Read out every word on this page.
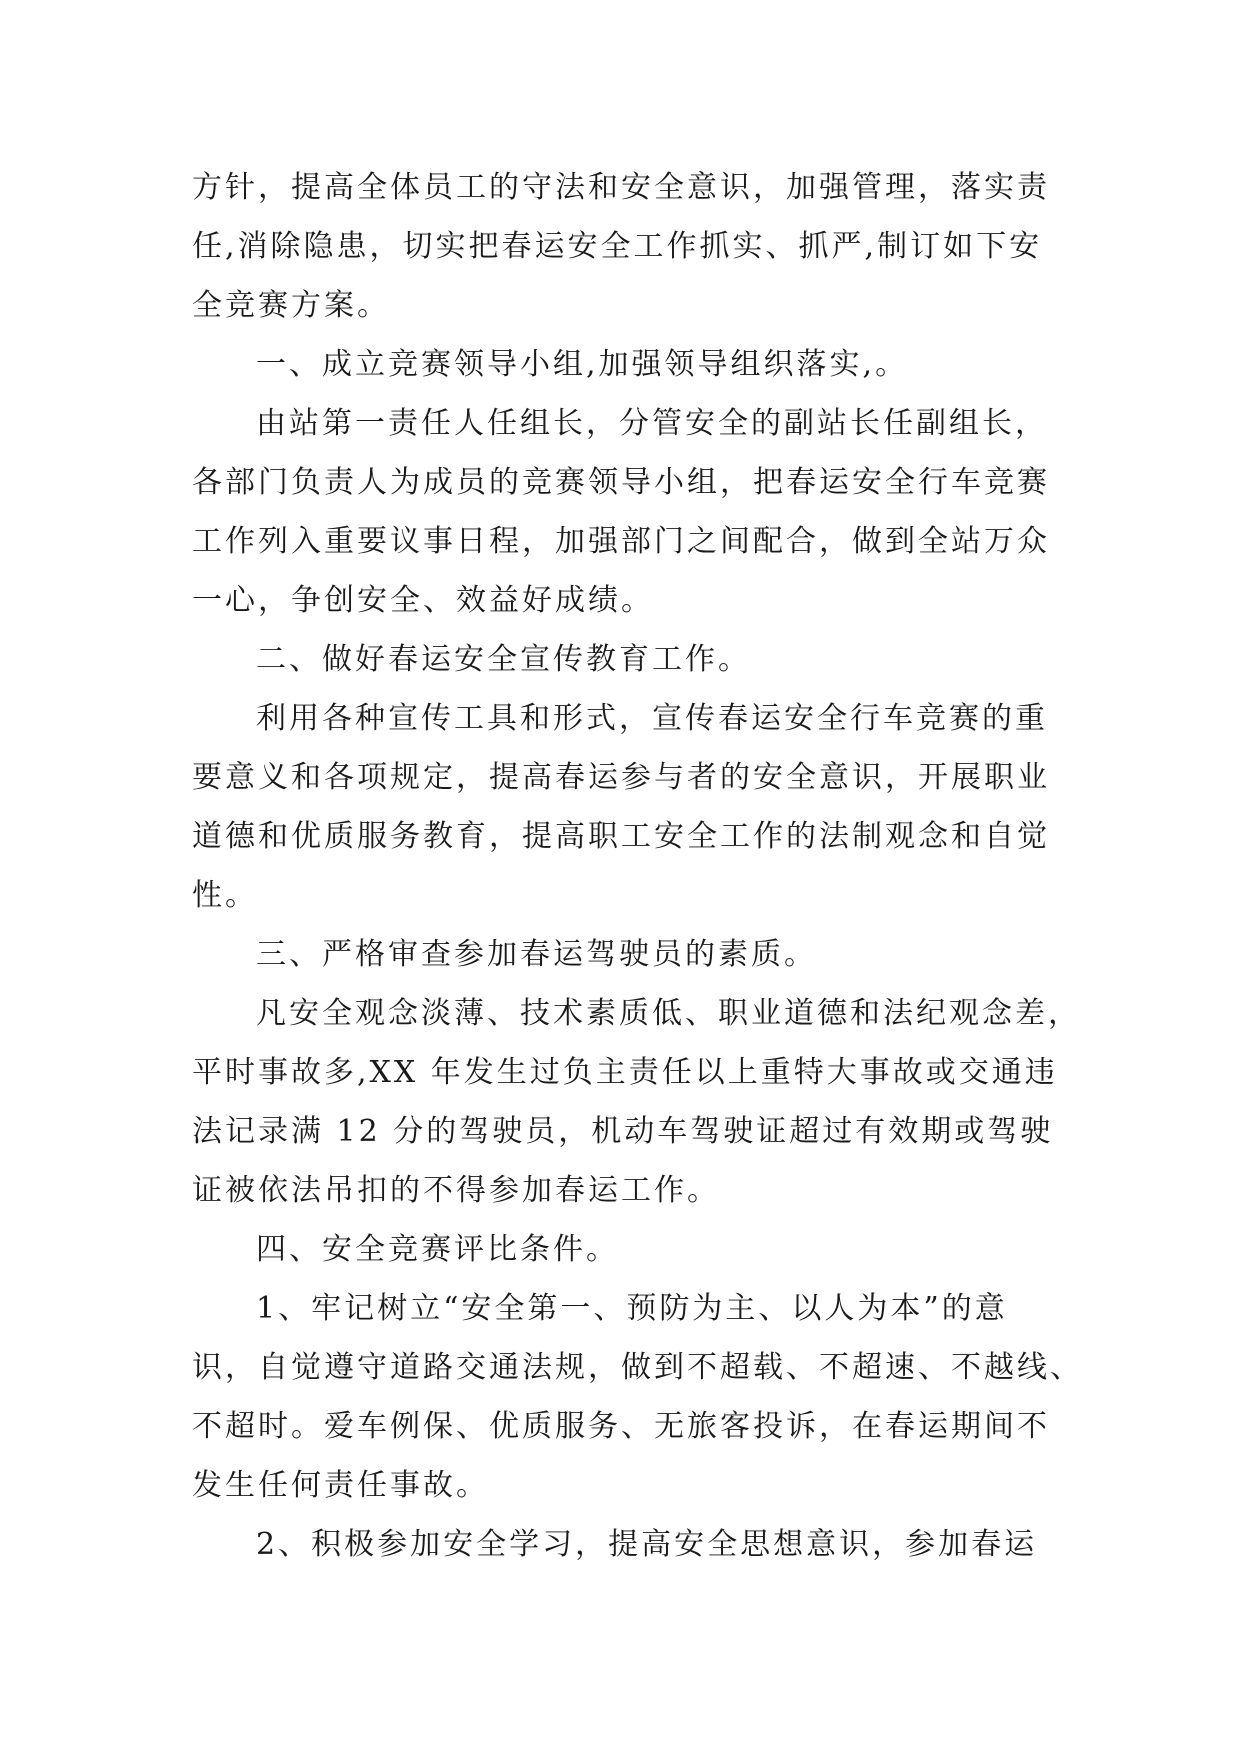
方针，提高全体员工的守法和安全意识，加强管理，落实责
任,消除隐患，切实把春运安全工作抓实、抓严,制订如下安
全竞赛方案。
一、成立竞赛领导小组,加强领导组织落实,。
由站第一责任人任组长，分管安全的副站长任副组长，
各部门负责人为成员的竞赛领导小组，把春运安全行车竞赛
工作列入重要议事日程，加强部门之间配合，做到全站万众
一心，争创安全、效益好成绩。
二、做好春运安全宣传教育工作。
利用各种宣传工具和形式，宣传春运安全行车竞赛的重
要意义和各项规定，提高春运参与者的安全意识，开展职业
道德和优质服务教育，提高职工安全工作的法制观念和自觉
性。
三、严格审查参加春运驾驶员的素质。
凡安全观念淡薄、技术素质低、职业道德和法纪观念差，
平时事故多,XX 年发生过负主责任以上重特大事故或交通违
法记录满 12 分的驾驶员，机动车驾驶证超过有效期或驾驶
证被依法吊扣的不得参加春运工作。
四、安全竞赛评比条件。
1、牢记树立“安全第一、预防为主、以人为本”的意
识，自觉遵守道路交通法规，做到不超载、不超速、不越线、
不超时。爱车例保、优质服务、无旅客投诉，在春运期间不
发生任何责任事故。
2、积极参加安全学习，提高安全思想意识，参加春运
